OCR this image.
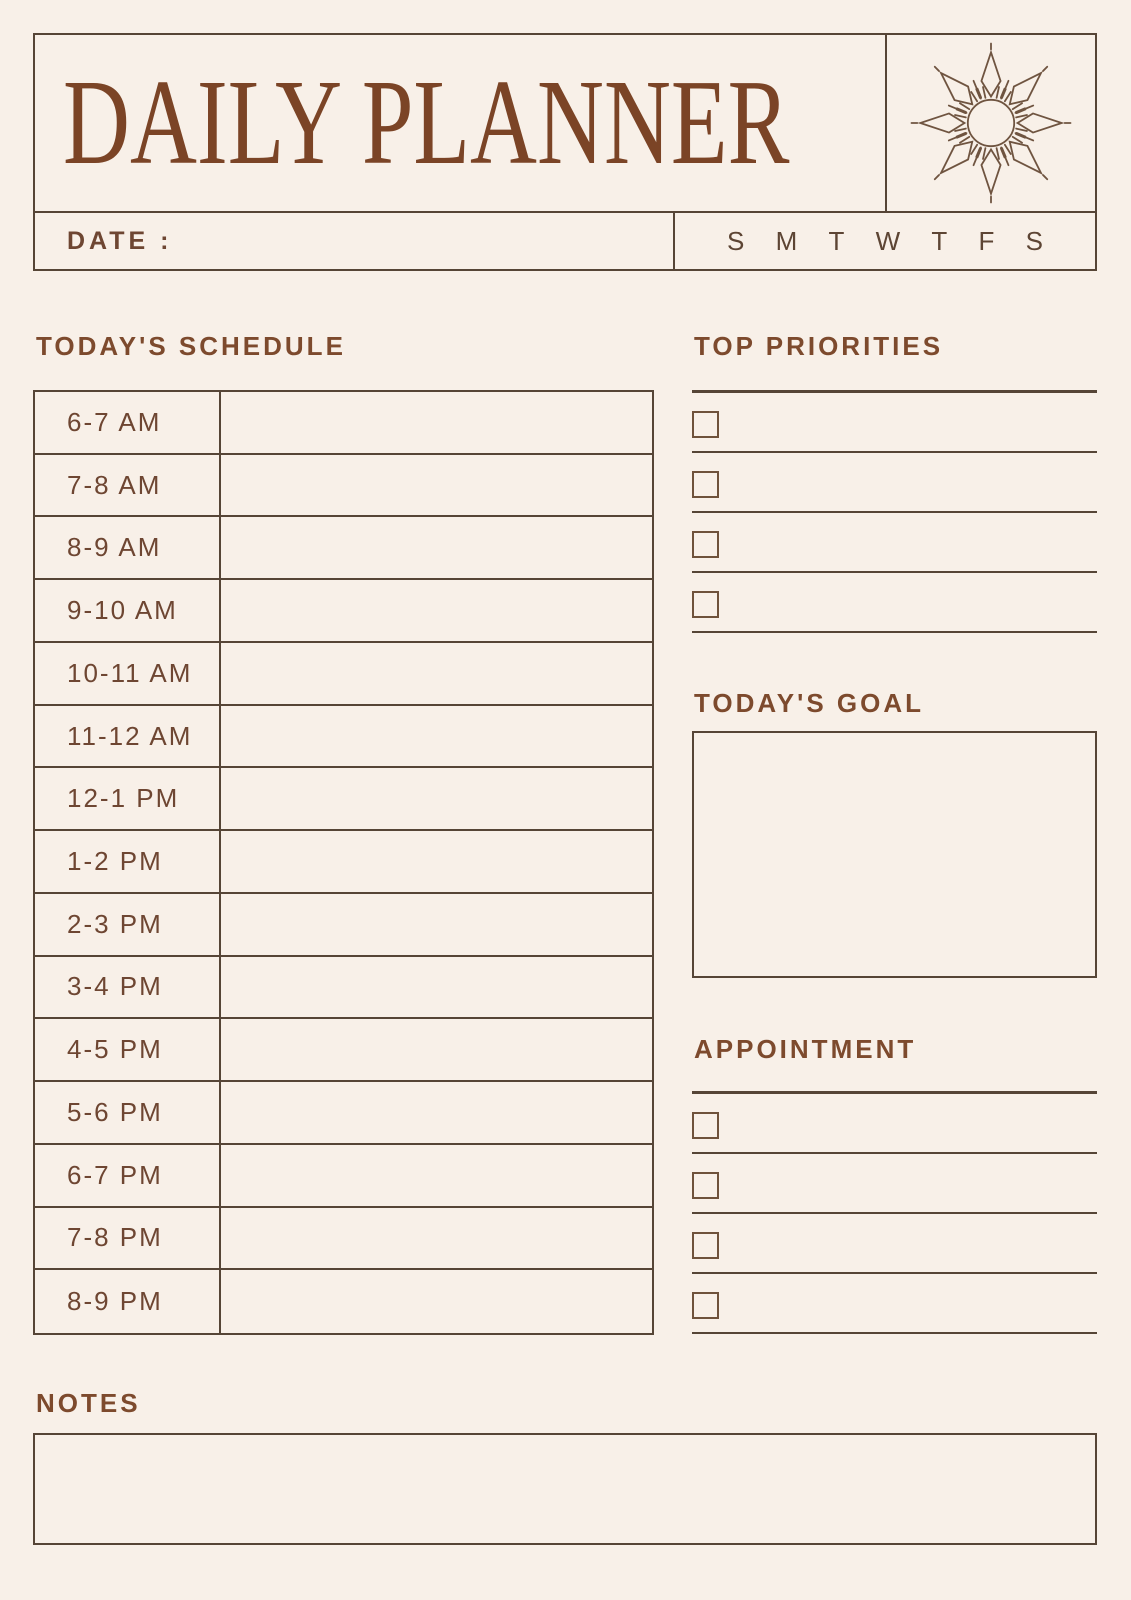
DAILY PLANNER
DATE :	S M T W T F S
TODAY'S SCHEDULE	TOP PRIORITIES
TODAY'S GOAL
APPOINTMENT
NOTES
6-7 AM
7-8 AM
8-9 AM
9-10 AM
10-11 AM
11-12 AM
12-1 PM
1-2 PM
2-3 PM
3-4 PM
4-5 PM
5-6 PM
6-7 PM
7-8 PM
8-9 PM
